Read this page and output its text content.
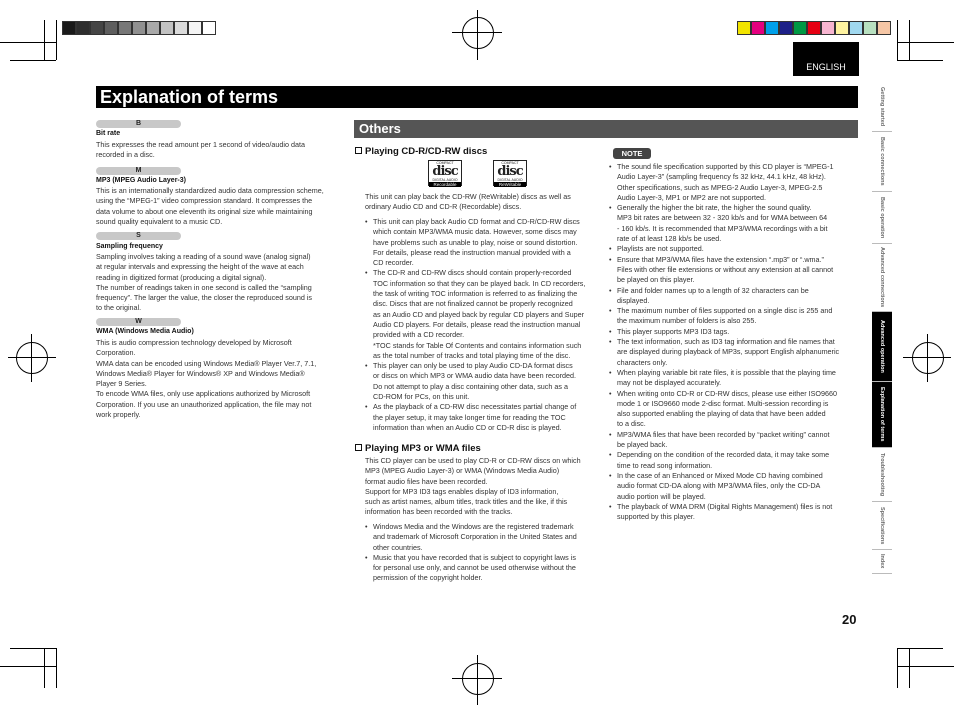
ENGLISH
Explanation of terms
B
Bit rate
This expresses the read amount per 1 second of video/audio data
recorded in a disc.
M
MP3 (MPEG Audio Layer-3)
This is an internationally standardized audio data compression scheme,
using the “MPEG-1” video compression standard. It compresses the
data volume to about one eleventh its original size while maintaining
sound quality equivalent to a music CD.
S
Sampling frequency
Sampling involves taking a reading of a sound wave (analog signal)
at regular intervals and expressing the height of the wave at each
reading in digitized format (producing a digital signal).
The number of readings taken in one second is called the “sampling
frequency”. The larger the value, the closer the reproduced sound is
to the original.
W
WMA (Windows Media Audio)
This is audio compression technology developed by Microsoft
Corporation.
WMA data can be encoded using Windows Media® Player Ver.7, 7.1,
Windows Media® Player for Windows® XP and Windows Media®
Player 9 Series.
To encode WMA files, only use applications authorized by Microsoft
Corporation. If you use an unauthorized application, the file may not
work properly.
Others
Playing CD-R/CD-RW discs
COMPACT
disc
DIGITAL AUDIO
Recordable
COMPACT
disc
DIGITAL AUDIO
ReWritable
This unit can play back the CD-RW (ReWritable) discs as well as
ordinary Audio CD and CD-R (Recordable) discs.
• This unit can play back Audio CD format and CD-R/CD-RW discs
which contain MP3/WMA music data. However, some discs may
have problems such as unable to play, noise or sound distortion.
For details, please read the instruction manual provided with a
CD recorder.
• The CD-R and CD-RW discs should contain properly-recorded
TOC information so that they can be played back. In CD recorders,
the task of writing TOC information is referred to as finalizing the
disc. Discs that are not finalized cannot be properly recognized
as an Audio CD and played back by regular CD players and Super
Audio CD players. For details, please read the instruction manual
provided with a CD recorder.
*TOC stands for Table Of Contents and contains information such
as the total number of tracks and total playing time of the disc.
• This player can only be used to play Audio CD-DA format discs
or discs on which MP3 or WMA audio data have been recorded.
Do not attempt to play a disc containing other data, such as a
CD-ROM for PCs, on this unit.
• As the playback of a CD-RW disc necessitates partial change of
the player setup, it may take longer time for reading the TOC
information than when an Audio CD or CD-R disc is played.
Playing MP3 or WMA files
This CD player can be used to play CD-R or CD-RW discs on which
MP3 (MPEG Audio Layer-3) or WMA (Windows Media Audio)
format audio files have been recorded.
Support for MP3 ID3 tags enables display of ID3 information,
such as artist names, album titles, track titles and the like, if this
information has been recorded with the tracks.
• Windows Media and the Windows are the registered trademark
and trademark of Microsoft Corporation in the United States and
other countries.
• Music that you have recorded that is subject to copyright laws is
for personal use only, and cannot be used otherwise without the
permission of the copyright holder.
NOTE
• The sound file specification supported by this CD player is “MPEG-1
Audio Layer-3” (sampling frequency fs 32 kHz, 44.1 kHz, 48 kHz).
Other specifications, such as MPEG-2 Audio Layer-3, MPEG-2.5
Audio Layer-3, MP1 or MP2 are not supported.
• Generally the higher the bit rate, the higher the sound quality.
MP3 bit rates are between 32 - 320 kb/s and for WMA between 64
- 160 kb/s. It is recommended that MP3/WMA recordings with a bit
rate of at least 128 kb/s be used.
• Playlists are not supported.
• Ensure that MP3/WMA files have the extension “.mp3” or “.wma.”
Files with other file extensions or without any extension at all cannot
be played on this player.
• File and folder names up to a length of 32 characters can be
displayed.
• The maximum number of files supported on a single disc is 255 and
the maximum number of folders is also 255.
• This player supports MP3 ID3 tags.
• The text information, such as ID3 tag information and file names that
are displayed during playback of MP3s, support English alphanumeric
characters only.
• When playing variable bit rate files, it is possible that the playing time
may not be displayed accurately.
• When writing onto CD-R or CD-RW discs, please use either ISO9660
mode 1 or ISO9660 mode 2-disc format. Multi-session recording is
also supported enabling the playing of data that have been added
to a disc.
• MP3/WMA files that have been recorded by “packet writing” cannot
be played back.
• Depending on the condition of the recorded data, it may take some
time to read song information.
• In the case of an Enhanced or Mixed Mode CD having combined
audio format CD-DA along with MP3/WMA files, only the CD-DA
audio portion will be played.
• The playback of WMA DRM (Digital Rights Management) files is not
supported by this player.
Getting started
Basic connections
Basic operation
Advanced connections
Advanced operation
Explanation of terms
Troubleshooting
Specifications
Index
20
